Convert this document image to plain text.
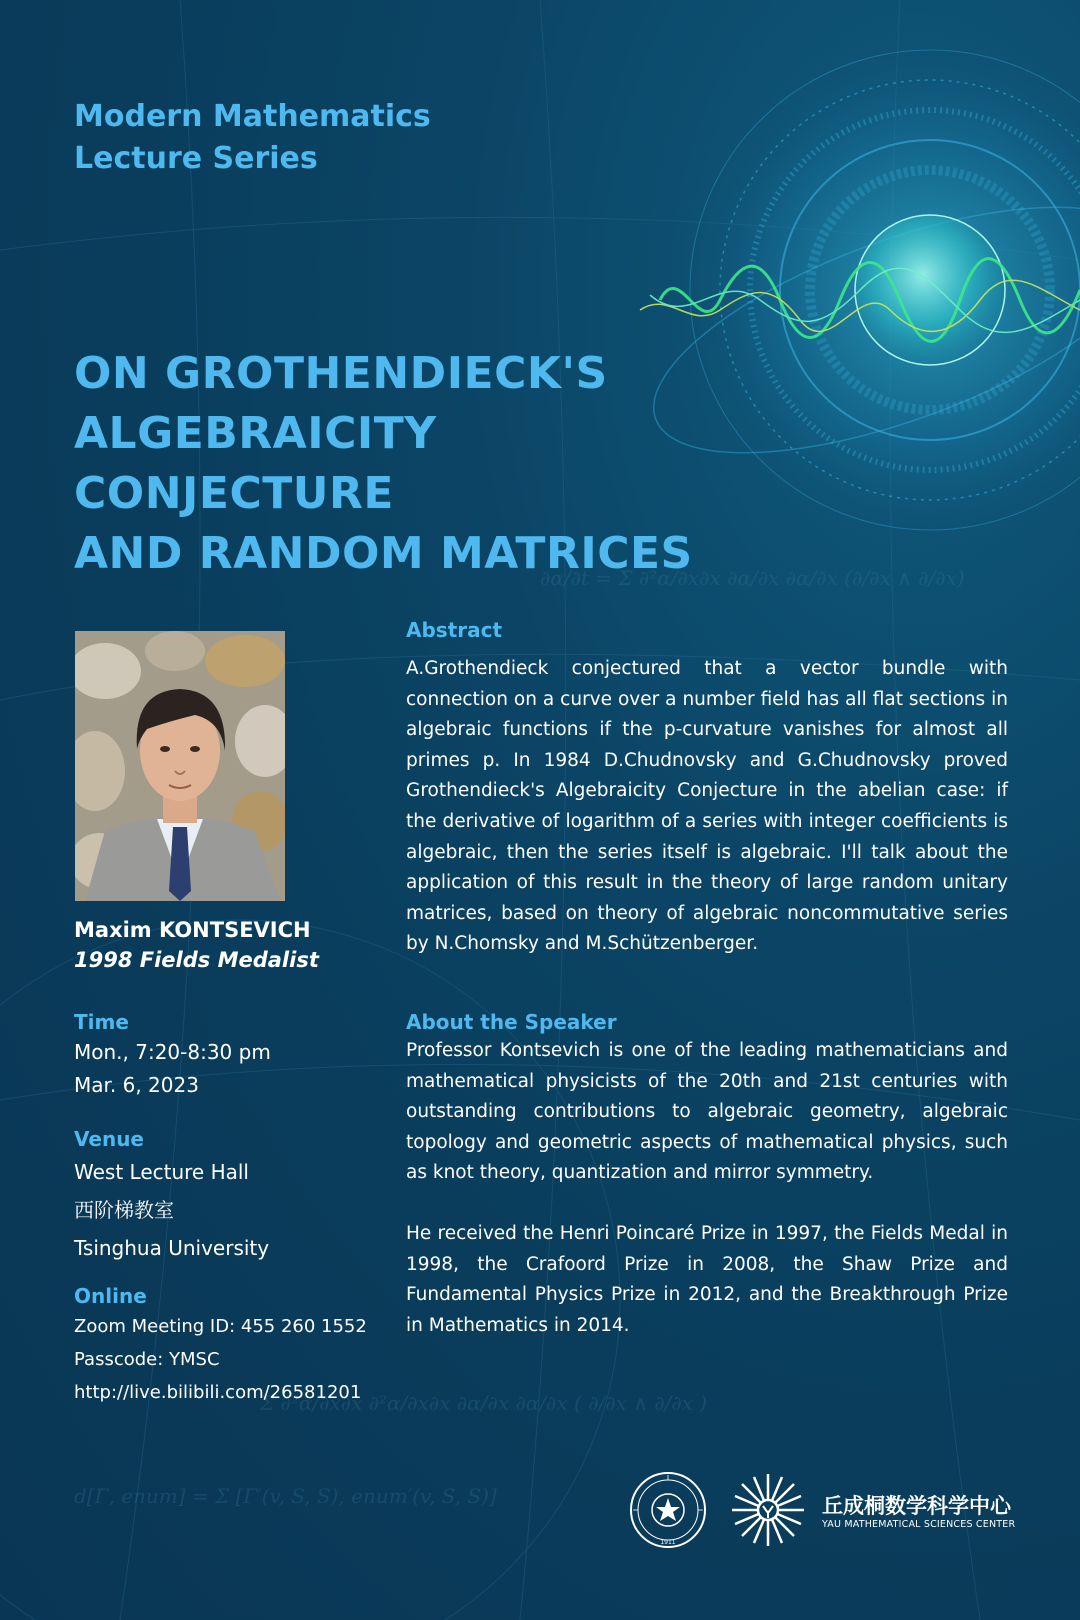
∂α/∂t = Σ ∂²α/∂x∂x ∂α/∂x ∂α/∂x (∂/∂x ∧ ∂/∂x)
Σ ∂²α/∂x∂x ∂²α/∂x∂x ∂α/∂x ∂α/∂x ( ∂/∂x ∧ ∂/∂x )
d[Γ, enum] = Σ [Γ′(v, S, S), enum′(v, S, S)]
Modern Mathematics
Lecture Series
ON GROTHENDIECK'S
ALGEBRAICITY CONJECTURE
AND RANDOM MATRICES
Maxim KONTSEVICH
1998 Fields Medalist
Time
Mon., 7:20-8:30 pm
Mar. 6, 2023
Venue
West Lecture Hall
西阶梯教室
Tsinghua University
Online
Zoom Meeting ID: 455 260 1552
Passcode: YMSC
http://live.bilibili.com/26581201
Abstract
A.Grothendieck conjectured that a vector bundle with connection on a curve over a number field has all flat sections in algebraic functions if the p-curvature vanishes for almost all primes p. In 1984 D.Chudnovsky and G.Chudnovsky proved Grothendieck's Algebraicity Conjecture in the abelian case: if the derivative of logarithm of a series with integer coefficients is algebraic, then the series itself is algebraic. I'll talk about the application of this result in the theory of large random unitary matrices, based on theory of algebraic noncommutative series by N.Chomsky and M.Schützenberger.
About the Speaker
Professor Kontsevich is one of the leading mathematicians and mathematical physicists of the 20th and 21st centuries with outstanding contributions to algebraic geometry, algebraic topology and geometric aspects of mathematical physics, such as knot theory, quantization and mirror symmetry.
He received the Henri Poincaré Prize in 1997, the Fields Medal in 1998, the Crafoord Prize in 2008, the Shaw Prize and Fundamental Physics Prize in 2012, and the Breakthrough Prize in Mathematics in 2014.
1911
丘成桐数学科学中心
YAU MATHEMATICAL SCIENCES CENTER
